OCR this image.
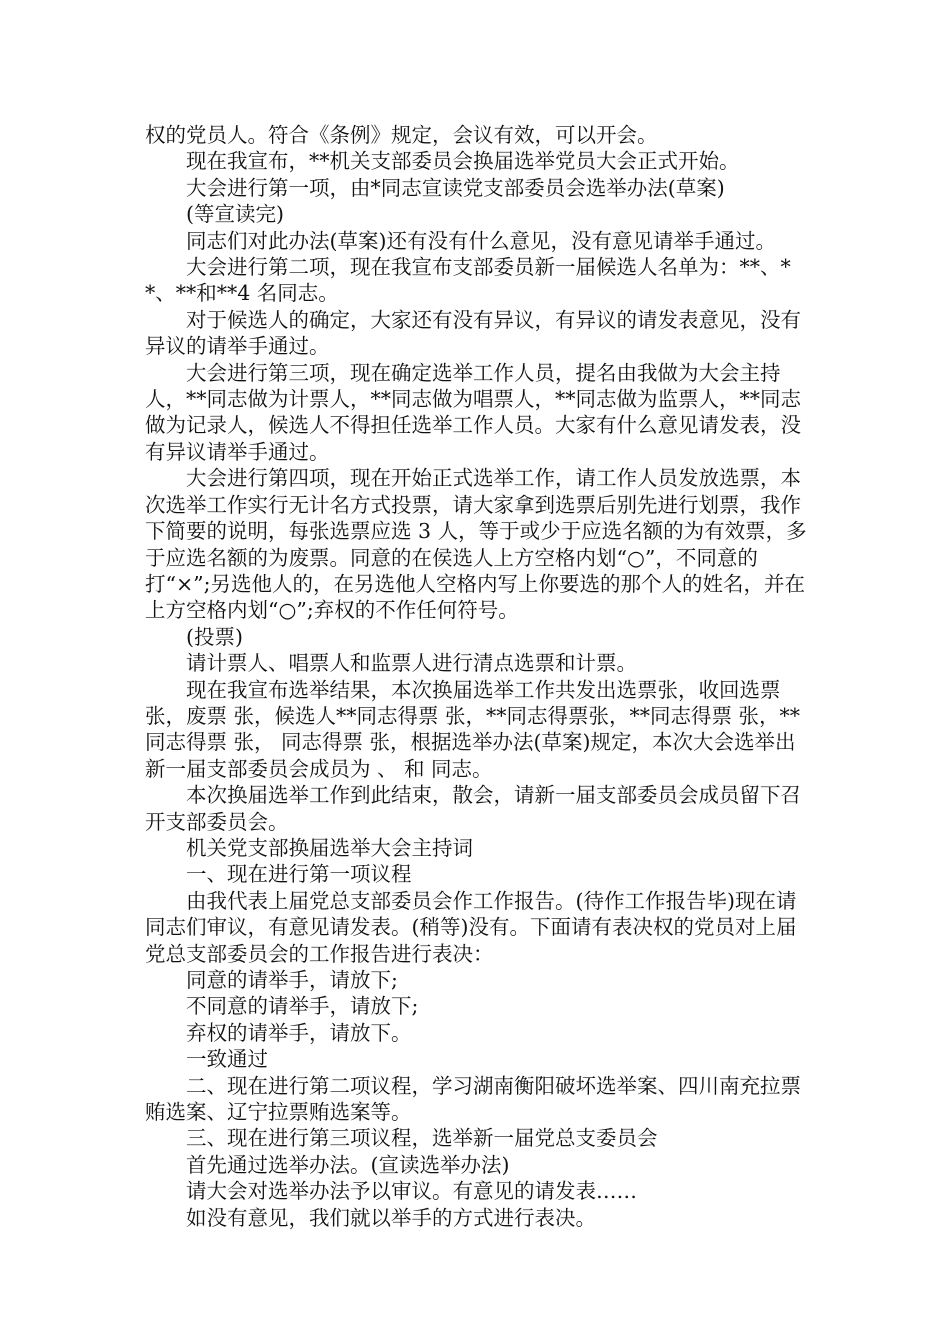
权的党员人。符合《条例》规定，会议有效，可以开会。

现在我宣布，**机关支部委员会换届选举党员大会正式开始。

大会进行第一项，由*同志宣读党支部委员会选举办法(草案)

(等宣读完)

同志们对此办法(草案)还有没有什么意见，没有意见请举手通过。

大会进行第二项，现在我宣布支部委员新一届候选人名单为：**、**、**和**4 名同志。

对于候选人的确定，大家还有没有异议，有异议的请发表意见，没有异议的请举手通过。

大会进行第三项，现在确定选举工作人员，提名由我做为大会主持人，**同志做为计票人，**同志做为唱票人，**同志做为监票人，**同志做为记录人，候选人不得担任选举工作人员。大家有什么意见请发表，没有异议请举手通过。

大会进行第四项，现在开始正式选举工作，请工作人员发放选票，本次选举工作实行无计名方式投票，请大家拿到选票后别先进行划票，我作下简要的说明，每张选票应选 3 人，等于或少于应选名额的为有效票，多于应选名额的为废票。同意的在侯选人上方空格内划“○”，不同意的打“×”;另选他人的，在另选他人空格内写上你要选的那个人的姓名，并在上方空格内划“○”;弃权的不作任何符号。

(投票)

请计票人、唱票人和监票人进行清点选票和计票。

现在我宣布选举结果，本次换届选举工作共发出选票张，收回选票 张，废票 张，候选人**同志得票 张，**同志得票张，**同志得票 张，**同志得票 张， 同志得票 张，根据选举办法(草案)规定，本次大会选举出新一届支部委员会成员为 、 和 同志。

本次换届选举工作到此结束，散会，请新一届支部委员会成员留下召开支部委员会。

机关党支部换届选举大会主持词

一、现在进行第一项议程

由我代表上届党总支部委员会作工作报告。(待作工作报告毕)现在请同志们审议，有意见请发表。(稍等)没有。下面请有表决权的党员对上届党总支部委员会的工作报告进行表决：

同意的请举手，请放下;

不同意的请举手，请放下;

弃权的请举手，请放下。

一致通过

二、现在进行第二项议程，学习湖南衡阳破坏选举案、四川南充拉票贿选案、辽宁拉票贿选案等。

三、现在进行第三项议程，选举新一届党总支委员会

首先通过选举办法。(宣读选举办法)

请大会对选举办法予以审议。有意见的请发表……

如没有意见，我们就以举手的方式进行表决。
